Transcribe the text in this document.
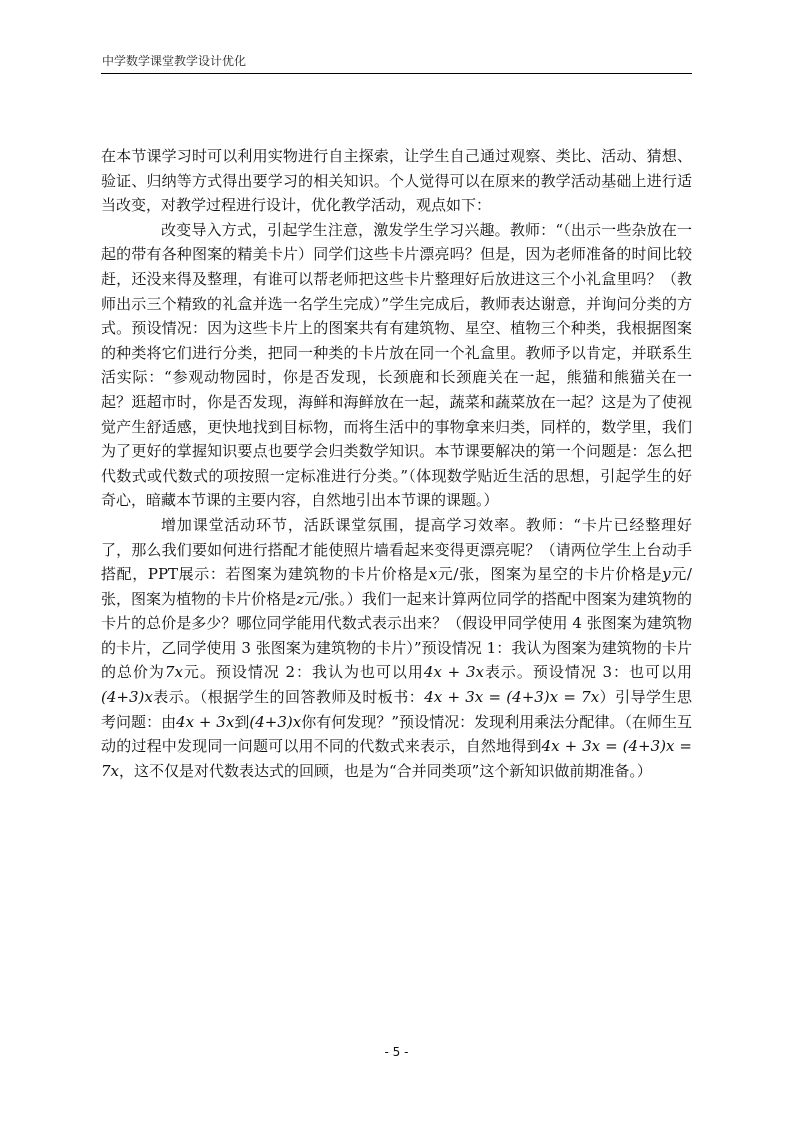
中学数学课堂教学设计优化

在本节课学习时可以利用实物进行自主探索，让学生自己通过观察、类比、活动、猜想、验证、归纳等方式得出要学习的相关知识。个人觉得可以在原来的教学活动基础上进行适当改变，对教学过程进行设计，优化教学活动，观点如下：

改变导入方式，引起学生注意，激发学生学习兴趣。教师：“（出示一些杂放在一起的带有各种图案的精美卡片）同学们这些卡片漂亮吗？但是，因为老师准备的时间比较赶，还没来得及整理，有谁可以帮老师把这些卡片整理好后放进这三个小礼盒里吗？（教师出示三个精致的礼盒并选一名学生完成）”学生完成后，教师表达谢意，并询问分类的方式。预设情况：因为这些卡片上的图案共有有建筑物、星空、植物三个种类，我根据图案的种类将它们进行分类，把同一种类的卡片放在同一个礼盒里。教师予以肯定，并联系生活实际：“参观动物园时，你是否发现，长颈鹿和长颈鹿关在一起，熊猫和熊猫关在一起？逛超市时，你是否发现，海鲜和海鲜放在一起，蔬菜和蔬菜放在一起？这是为了使视觉产生舒适感，更快地找到目标物，而将生活中的事物拿来归类，同样的，数学里，我们为了更好的掌握知识要点也要学会归类数学知识。本节课要解决的第一个问题是：怎么把代数式或代数式的项按照一定标准进行分类。”（体现数学贴近生活的思想，引起学生的好奇心，暗藏本节课的主要内容，自然地引出本节课的课题。）

增加课堂活动环节，活跃课堂氛围，提高学习效率。教师：“卡片已经整理好了，那么我们要如何进行搭配才能使照片墙看起来变得更漂亮呢？（请两位学生上台动手搭配，PPT展示：若图案为建筑物的卡片价格是x元/张，图案为星空的卡片价格是y元/张，图案为植物的卡片价格是z元/张。）我们一起来计算两位同学的搭配中图案为建筑物的卡片的总价是多少？哪位同学能用代数式表示出来？（假设甲同学使用 4 张图案为建筑物的卡片，乙同学使用 3 张图案为建筑物的卡片）”预设情况 1：我认为图案为建筑物的卡片的总价为7x元。预设情况 2：我认为也可以用4x + 3x表示。预设情况 3：也可以用(4+3)x表示。（根据学生的回答教师及时板书：4x + 3x = (4+3)x = 7x）引导学生思考问题：由4x + 3x到(4+3)x你有何发现？”预设情况：发现利用乘法分配律。（在师生互动的过程中发现同一问题可以用不同的代数式来表示，自然地得到4x + 3x = (4+3)x = 7x，这不仅是对代数表达式的回顾，也是为“合并同类项”这个新知识做前期准备。）

- 5 -
